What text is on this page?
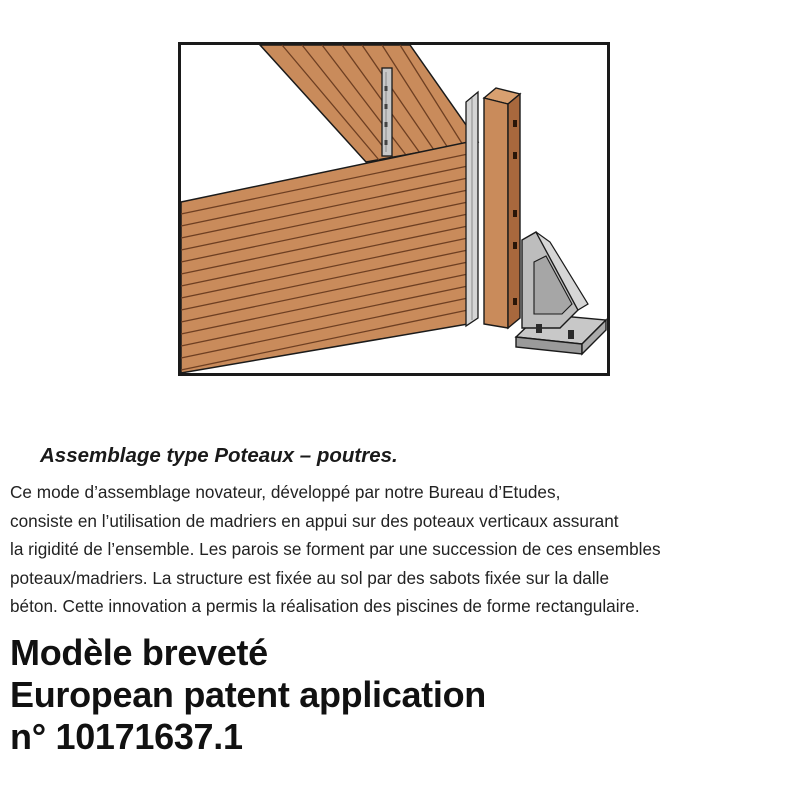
Assemblage type Poteaux – poutres.

Ce mode d’assemblage novateur, développé par notre Bureau d’Etudes,
consiste en l’utilisation de madriers en appui sur des poteaux verticaux assurant
la rigidité de l’ensemble. Les parois se forment par une succession de ces ensembles
poteaux/madriers. La structure est fixée au sol par des sabots fixée sur la dalle
béton. Cette innovation a permis la réalisation des piscines de forme rectangulaire.

Modèle breveté
European patent application
n° 10171637.1
